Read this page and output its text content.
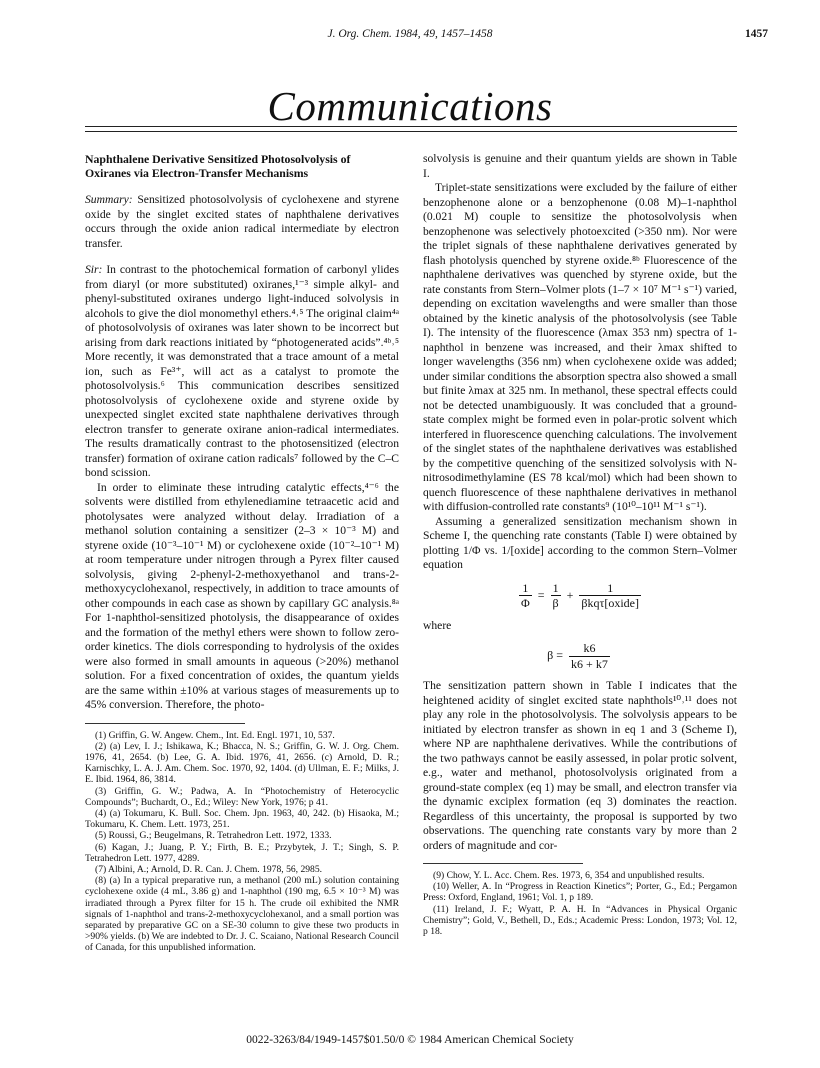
J. Org. Chem. 1984, 49, 1457–1458	1457
Communications

Naphthalene Derivative Sensitized Photosolvolysis of Oxiranes via Electron-Transfer Mechanisms

Summary: Sensitized photosolvolysis of cyclohexene and styrene oxide by the singlet excited states of naphthalene derivatives occurs through the oxide anion radical intermediate by electron transfer.

Sir: In contrast to the photochemical formation of carbonyl ylides from diaryl (or more substituted) oxiranes,¹⁻³ simple alkyl- and phenyl-substituted oxiranes undergo light-induced solvolysis in alcohols to give the diol monomethyl ethers.⁴˒⁵ The original claim⁴ᵃ of photosolvolysis of oxiranes was later shown to be incorrect but arising from dark reactions initiated by “photogenerated acids”.⁴ᵇ˒⁵ More recently, it was demonstrated that a trace amount of a metal ion, such as Fe³⁺, will act as a catalyst to promote the photosolvolysis.⁶ This communication describes sensitized photosolvolysis of cyclohexene oxide and styrene oxide by unexpected singlet excited state naphthalene derivatives through electron transfer to generate oxirane anion-radical intermediates. The results dramatically contrast to the photosensitized (electron transfer) formation of oxirane cation radicals⁷ followed by the C–C bond scission.

In order to eliminate these intruding catalytic effects,⁴⁻⁶ the solvents were distilled from ethylenediamine tetraacetic acid and photolysates were analyzed without delay. Irradiation of a methanol solution containing a sensitizer (2–3 × 10⁻³ M) and styrene oxide (10⁻³–10⁻¹ M) or cyclohexene oxide (10⁻²–10⁻¹ M) at room temperature under nitrogen through a Pyrex filter caused solvolysis, giving 2-phenyl-2-methoxyethanol and trans-2-methoxycyclohexanol, respectively, in addition to trace amounts of other compounds in each case as shown by capillary GC analysis.⁸ᵃ For 1-naphthol-sensitized photolysis, the disappearance of oxides and the formation of the methyl ethers were shown to follow zero-order kinetics. The diols corresponding to hydrolysis of the oxides were also formed in small amounts in aqueous (>20%) methanol solution. For a fixed concentration of oxides, the quantum yields are the same within ±10% at various stages of measurements up to 45% conversion. Therefore, the photo-

(1) Griffin, G. W. Angew. Chem., Int. Ed. Engl. 1971, 10, 537.

(2) (a) Lev, I. J.; Ishikawa, K.; Bhacca, N. S.; Griffin, G. W. J. Org. Chem. 1976, 41, 2654. (b) Lee, G. A. Ibid. 1976, 41, 2656. (c) Arnold, D. R.; Karnischky, L. A. J. Am. Chem. Soc. 1970, 92, 1404. (d) Ullman, E. F.; Milks, J. E. Ibid. 1964, 86, 3814.

(3) Griffin, G. W.; Padwa, A. In “Photochemistry of Heterocyclic Compounds”; Buchardt, O., Ed.; Wiley: New York, 1976; p 41.

(4) (a) Tokumaru, K. Bull. Soc. Chem. Jpn. 1963, 40, 242. (b) Hisaoka, M.; Tokumaru, K. Chem. Lett. 1973, 251.

(5) Roussi, G.; Beugelmans, R. Tetrahedron Lett. 1972, 1333.

(6) Kagan, J.; Juang, P. Y.; Firth, B. E.; Przybytek, J. T.; Singh, S. P. Tetrahedron Lett. 1977, 4289.

(7) Albini, A.; Arnold, D. R. Can. J. Chem. 1978, 56, 2985.

(8) (a) In a typical preparative run, a methanol (200 mL) solution containing cyclohexene oxide (4 mL, 3.86 g) and 1-naphthol (190 mg, 6.5 × 10⁻³ M) was irradiated through a Pyrex filter for 15 h. The crude oil exhibited the NMR signals of 1-naphthol and trans-2-methoxycyclohexanol, and a small portion was separated by preparative GC on a SE-30 column to give these two products in >90% yields. (b) We are indebted to Dr. J. C. Scaiano, National Research Council of Canada, for this unpublished information.

solvolysis is genuine and their quantum yields are shown in Table I.

Triplet-state sensitizations were excluded by the failure of either benzophenone alone or a benzophenone (0.08 M)–1-naphthol (0.021 M) couple to sensitize the photosolvolysis when benzophenone was selectively photoexcited (>350 nm). Nor were the triplet signals of these naphthalene derivatives generated by flash photolysis quenched by styrene oxide.⁸ᵇ Fluorescence of the naphthalene derivatives was quenched by styrene oxide, but the rate constants from Stern–Volmer plots (1–7 × 10⁷ M⁻¹ s⁻¹) varied, depending on excitation wavelengths and were smaller than those obtained by the kinetic analysis of the photosolvolysis (see Table I). The intensity of the fluorescence (λmax 353 nm) spectra of 1-naphthol in benzene was increased, and their λmax shifted to longer wavelengths (356 nm) when cyclohexene oxide was added; under similar conditions the absorption spectra also showed a small but finite λmax at 325 nm. In methanol, these spectral effects could not be detected unambiguously. It was concluded that a ground-state complex might be formed even in polar-protic solvent which interfered in fluorescence quenching calculations. The involvement of the singlet states of the naphthalene derivatives was established by the competitive quenching of the sensitized solvolysis with N-nitrosodimethylamine (ES 78 kcal/mol) which had been shown to quench fluorescence of these naphthalene derivatives in methanol with diffusion-controlled rate constants⁹ (10¹⁰–10¹¹ M⁻¹ s⁻¹).

Assuming a generalized sensitization mechanism shown in Scheme I, the quenching rate constants (Table I) were obtained by plotting 1/Φ vs. 1/[oxide] according to the common Stern–Volmer equation

$\frac{1}{\Phi} = \frac{1}{\beta} + \frac{1}{\text{βkqτ[oxide]}}$

where

$\beta = \frac{k6}{k6 + k7}$

The sensitization pattern shown in Table I indicates that the heightened acidity of singlet excited state naphthols¹⁰˒¹¹ does not play any role in the photosolvolysis. The solvolysis appears to be initiated by electron transfer as shown in eq 1 and 3 (Scheme I), where NP are naphthalene derivatives. While the contributions of the two pathways cannot be easily assessed, in polar protic solvent, e.g., water and methanol, photosolvolysis originated from a ground-state complex (eq 1) may be small, and electron transfer via the dynamic exciplex formation (eq 3) dominates the reaction. Regardless of this uncertainty, the proposal is supported by two observations. The quenching rate constants vary by more than 2 orders of magnitude and cor-

(9) Chow, Y. L. Acc. Chem. Res. 1973, 6, 354 and unpublished results.

(10) Weller, A. In “Progress in Reaction Kinetics”; Porter, G., Ed.; Pergamon Press: Oxford, England, 1961; Vol. 1, p 189.

(11) Ireland, J. F.; Wyatt, P. A. H. In “Advances in Physical Organic Chemistry”; Gold, V., Bethell, D., Eds.; Academic Press: London, 1973; Vol. 12, p 18.

0022-3263/84/1949-1457$01.50/0 © 1984 American Chemical Society
